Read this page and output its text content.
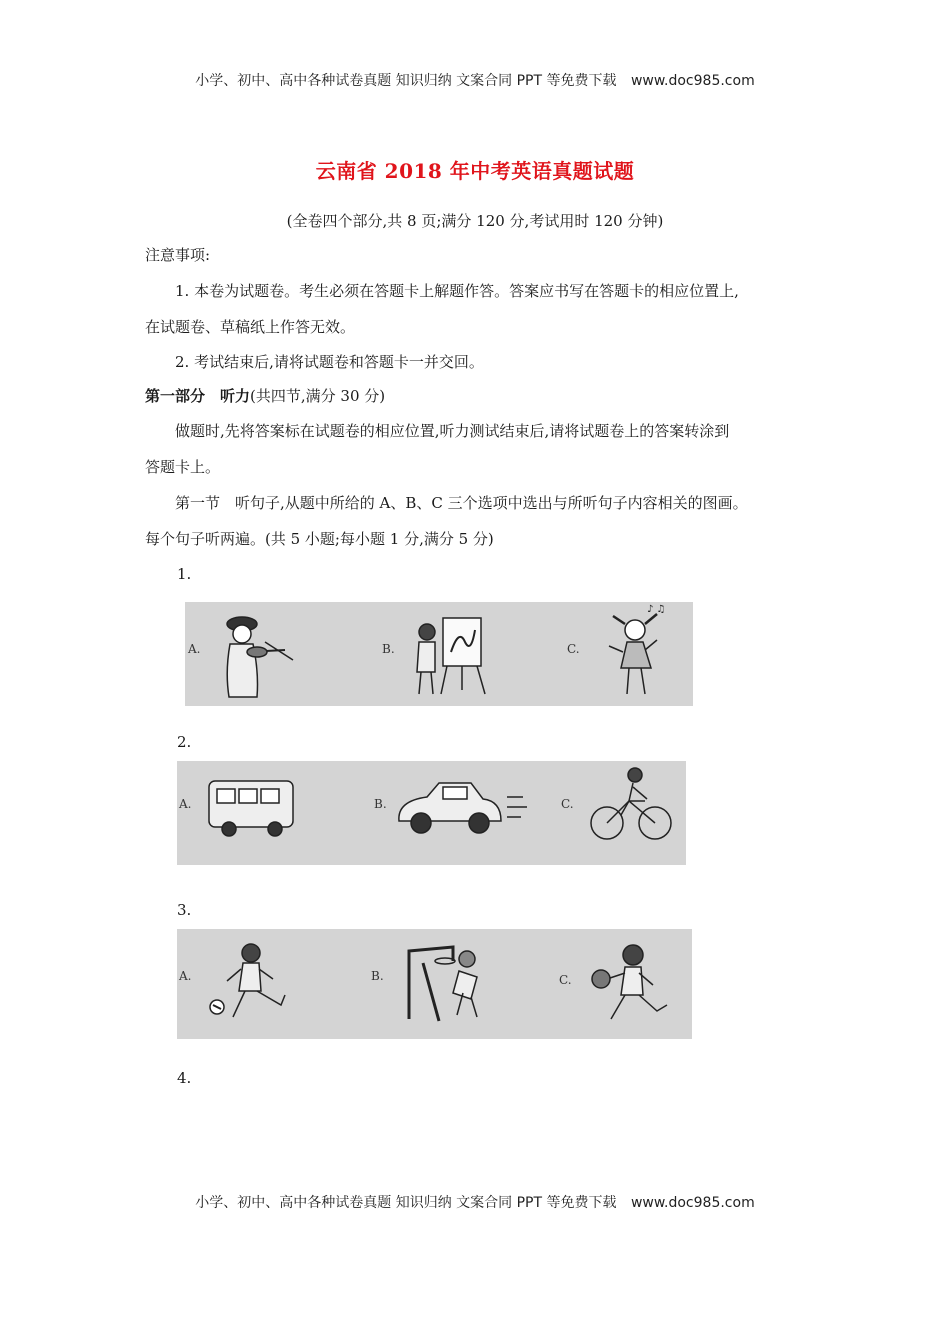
小学、初中、高中各种试卷真题 知识归纳 文案合同 PPT 等免费下载 www.doc985.com
云南省 2018 年中考英语真题试题
(全卷四个部分,共 8 页;满分 120 分,考试用时 120 分钟)
注意事项:
1. 本卷为试题卷。考生必须在答题卡上解题作答。答案应书写在答题卡的相应位置上,
在试题卷、草稿纸上作答无效。
2. 考试结束后,请将试题卷和答题卡一并交回。
第一部分　听力(共四节,满分 30 分)
做题时,先将答案标在试题卷的相应位置,听力测试结束后,请将试题卷上的答案转涂到
答题卡上。
第一节　听句子,从题中所给的 A、B、C 三个选项中选出与所听句子内容相关的图画。
每个句子听两遍。(共 5 小题;每小题 1 分,满分 5 分)
1.
A.	B.	C.
♪ ♫
2.
A.	B.	C.
3.
A.	B.	C.
4.
小学、初中、高中各种试卷真题 知识归纳 文案合同 PPT 等免费下载 www.doc985.com
